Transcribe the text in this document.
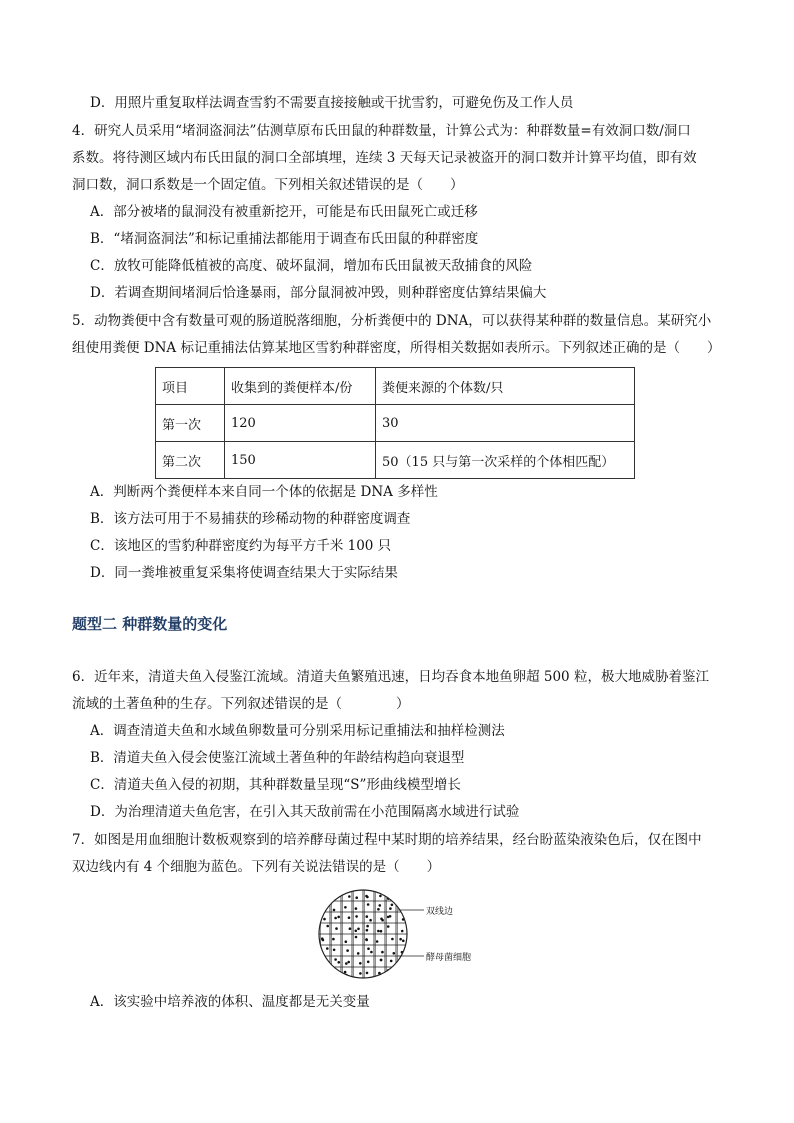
D．用照片重复取样法调查雪豹不需要直接接触或干扰雪豹，可避免伤及工作人员
4．研究人员采用“堵洞盗洞法”估测草原布氏田鼠的种群数量，计算公式为：种群数量=有效洞口数/洞口
系数。将待测区域内布氏田鼠的洞口全部填埋，连续 3 天每天记录被盗开的洞口数并计算平均值，即有效
洞口数，洞口系数是一个固定值。下列相关叙述错误的是（　　）
A．部分被堵的鼠洞没有被重新挖开，可能是布氏田鼠死亡或迁移
B．“堵洞盗洞法”和标记重捕法都能用于调查布氏田鼠的种群密度
C．放牧可能降低植被的高度、破坏鼠洞，增加布氏田鼠被天敌捕食的风险
D．若调查期间堵洞后恰逢暴雨，部分鼠洞被冲毁，则种群密度估算结果偏大
5．动物粪便中含有数量可观的肠道脱落细胞，分析粪便中的 DNA，可以获得某种群的数量信息。某研究小
组使用粪便 DNA 标记重捕法估算某地区雪豹种群密度，所得相关数据如表所示。下列叙述正确的是（　　）
项目	收集到的粪便样本/份	粪便来源的个体数/只
第一次	120	30
第二次	150	50（15 只与第一次采样的个体相匹配）
A．判断两个粪便样本来自同一个体的依据是 DNA 多样性
B．该方法可用于不易捕获的珍稀动物的种群密度调查
C．该地区的雪豹种群密度约为每平方千米 100 只
D．同一粪堆被重复采集将使调查结果大于实际结果
题型二 种群数量的变化
6．近年来，清道夫鱼入侵鉴江流域。清道夫鱼繁殖迅速，日均吞食本地鱼卵超 500 粒，极大地威胁着鉴江
流域的土著鱼种的生存。下列叙述错误的是（　　　　）
A．调查清道夫鱼和水域鱼卵数量可分别采用标记重捕法和抽样检测法
B．清道夫鱼入侵会使鉴江流域土著鱼种的年龄结构趋向衰退型
C．清道夫鱼入侵的初期，其种群数量呈现“S”形曲线模型增长
D．为治理清道夫鱼危害，在引入其天敌前需在小范围隔离水域进行试验
7．如图是用血细胞计数板观察到的培养酵母菌过程中某时期的培养结果，经台盼蓝染液染色后，仅在图中
双边线内有 4 个细胞为蓝色。下列有关说法错误的是（　　）
双线边
酵母菌细胞
A．该实验中培养液的体积、温度都是无关变量
